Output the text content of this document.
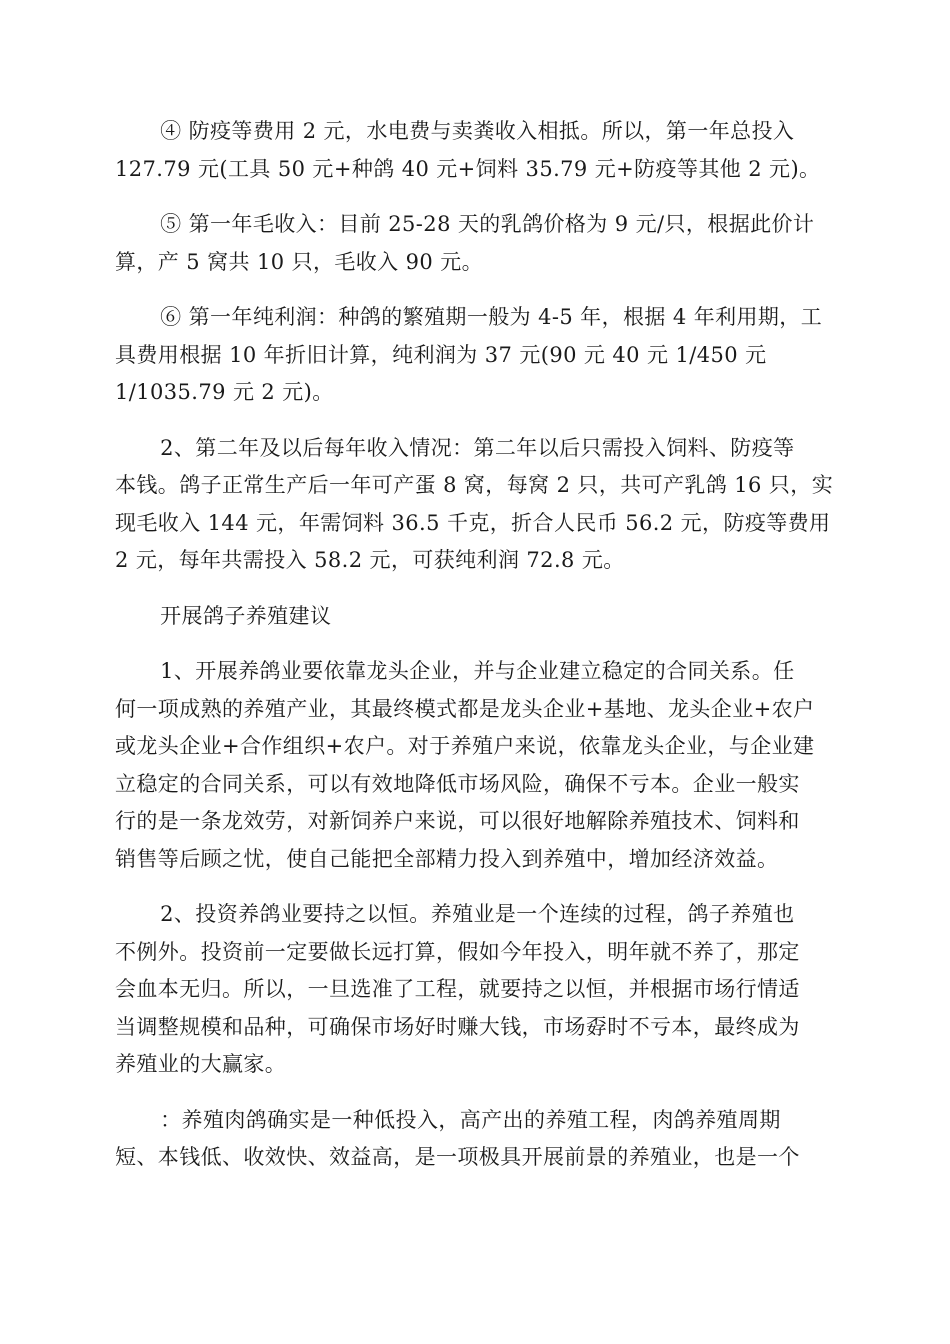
④ 防疫等费用 2 元，水电费与卖粪收入相抵。所以，第一年总投入
127.79 元(工具 50 元+种鸽 40 元+饲料 35.79 元+防疫等其他 2 元)。

⑤ 第一年毛收入：目前 25-28 天的乳鸽价格为 9 元/只，根据此价计
算，产 5 窝共 10 只，毛收入 90 元。

⑥ 第一年纯利润：种鸽的繁殖期一般为 4-5 年，根据 4 年利用期，工
具费用根据 10 年折旧计算，纯利润为 37 元(90 元 40 元 1/450 元
1/1035.79 元 2 元)。

2、第二年及以后每年收入情况：第二年以后只需投入饲料、防疫等
本钱。鸽子正常生产后一年可产蛋 8 窝，每窝 2 只，共可产乳鸽 16 只，实
现毛收入 144 元，年需饲料 36.5 千克，折合人民币 56.2 元，防疫等费用
2 元，每年共需投入 58.2 元，可获纯利润 72.8 元。

开展鸽子养殖建议

1、开展养鸽业要依靠龙头企业，并与企业建立稳定的合同关系。任
何一项成熟的养殖产业，其最终模式都是龙头企业+基地、龙头企业+农户
或龙头企业+合作组织+农户。对于养殖户来说，依靠龙头企业，与企业建
立稳定的合同关系，可以有效地降低市场风险，确保不亏本。企业一般实
行的是一条龙效劳，对新饲养户来说，可以很好地解除养殖技术、饲料和
销售等后顾之忧，使自己能把全部精力投入到养殖中，增加经济效益。

2、投资养鸽业要持之以恒。养殖业是一个连续的过程，鸽子养殖也
不例外。投资前一定要做长远打算，假如今年投入，明年就不养了，那定
会血本无归。所以，一旦选准了工程，就要持之以恒，并根据市场行情适
当调整规模和品种，可确保市场好时赚大钱，市场孬时不亏本，最终成为
养殖业的大赢家。

：养殖肉鸽确实是一种低投入，高产出的养殖工程，肉鸽养殖周期
短、本钱低、收效快、效益高，是一项极具开展前景的养殖业，也是一个
